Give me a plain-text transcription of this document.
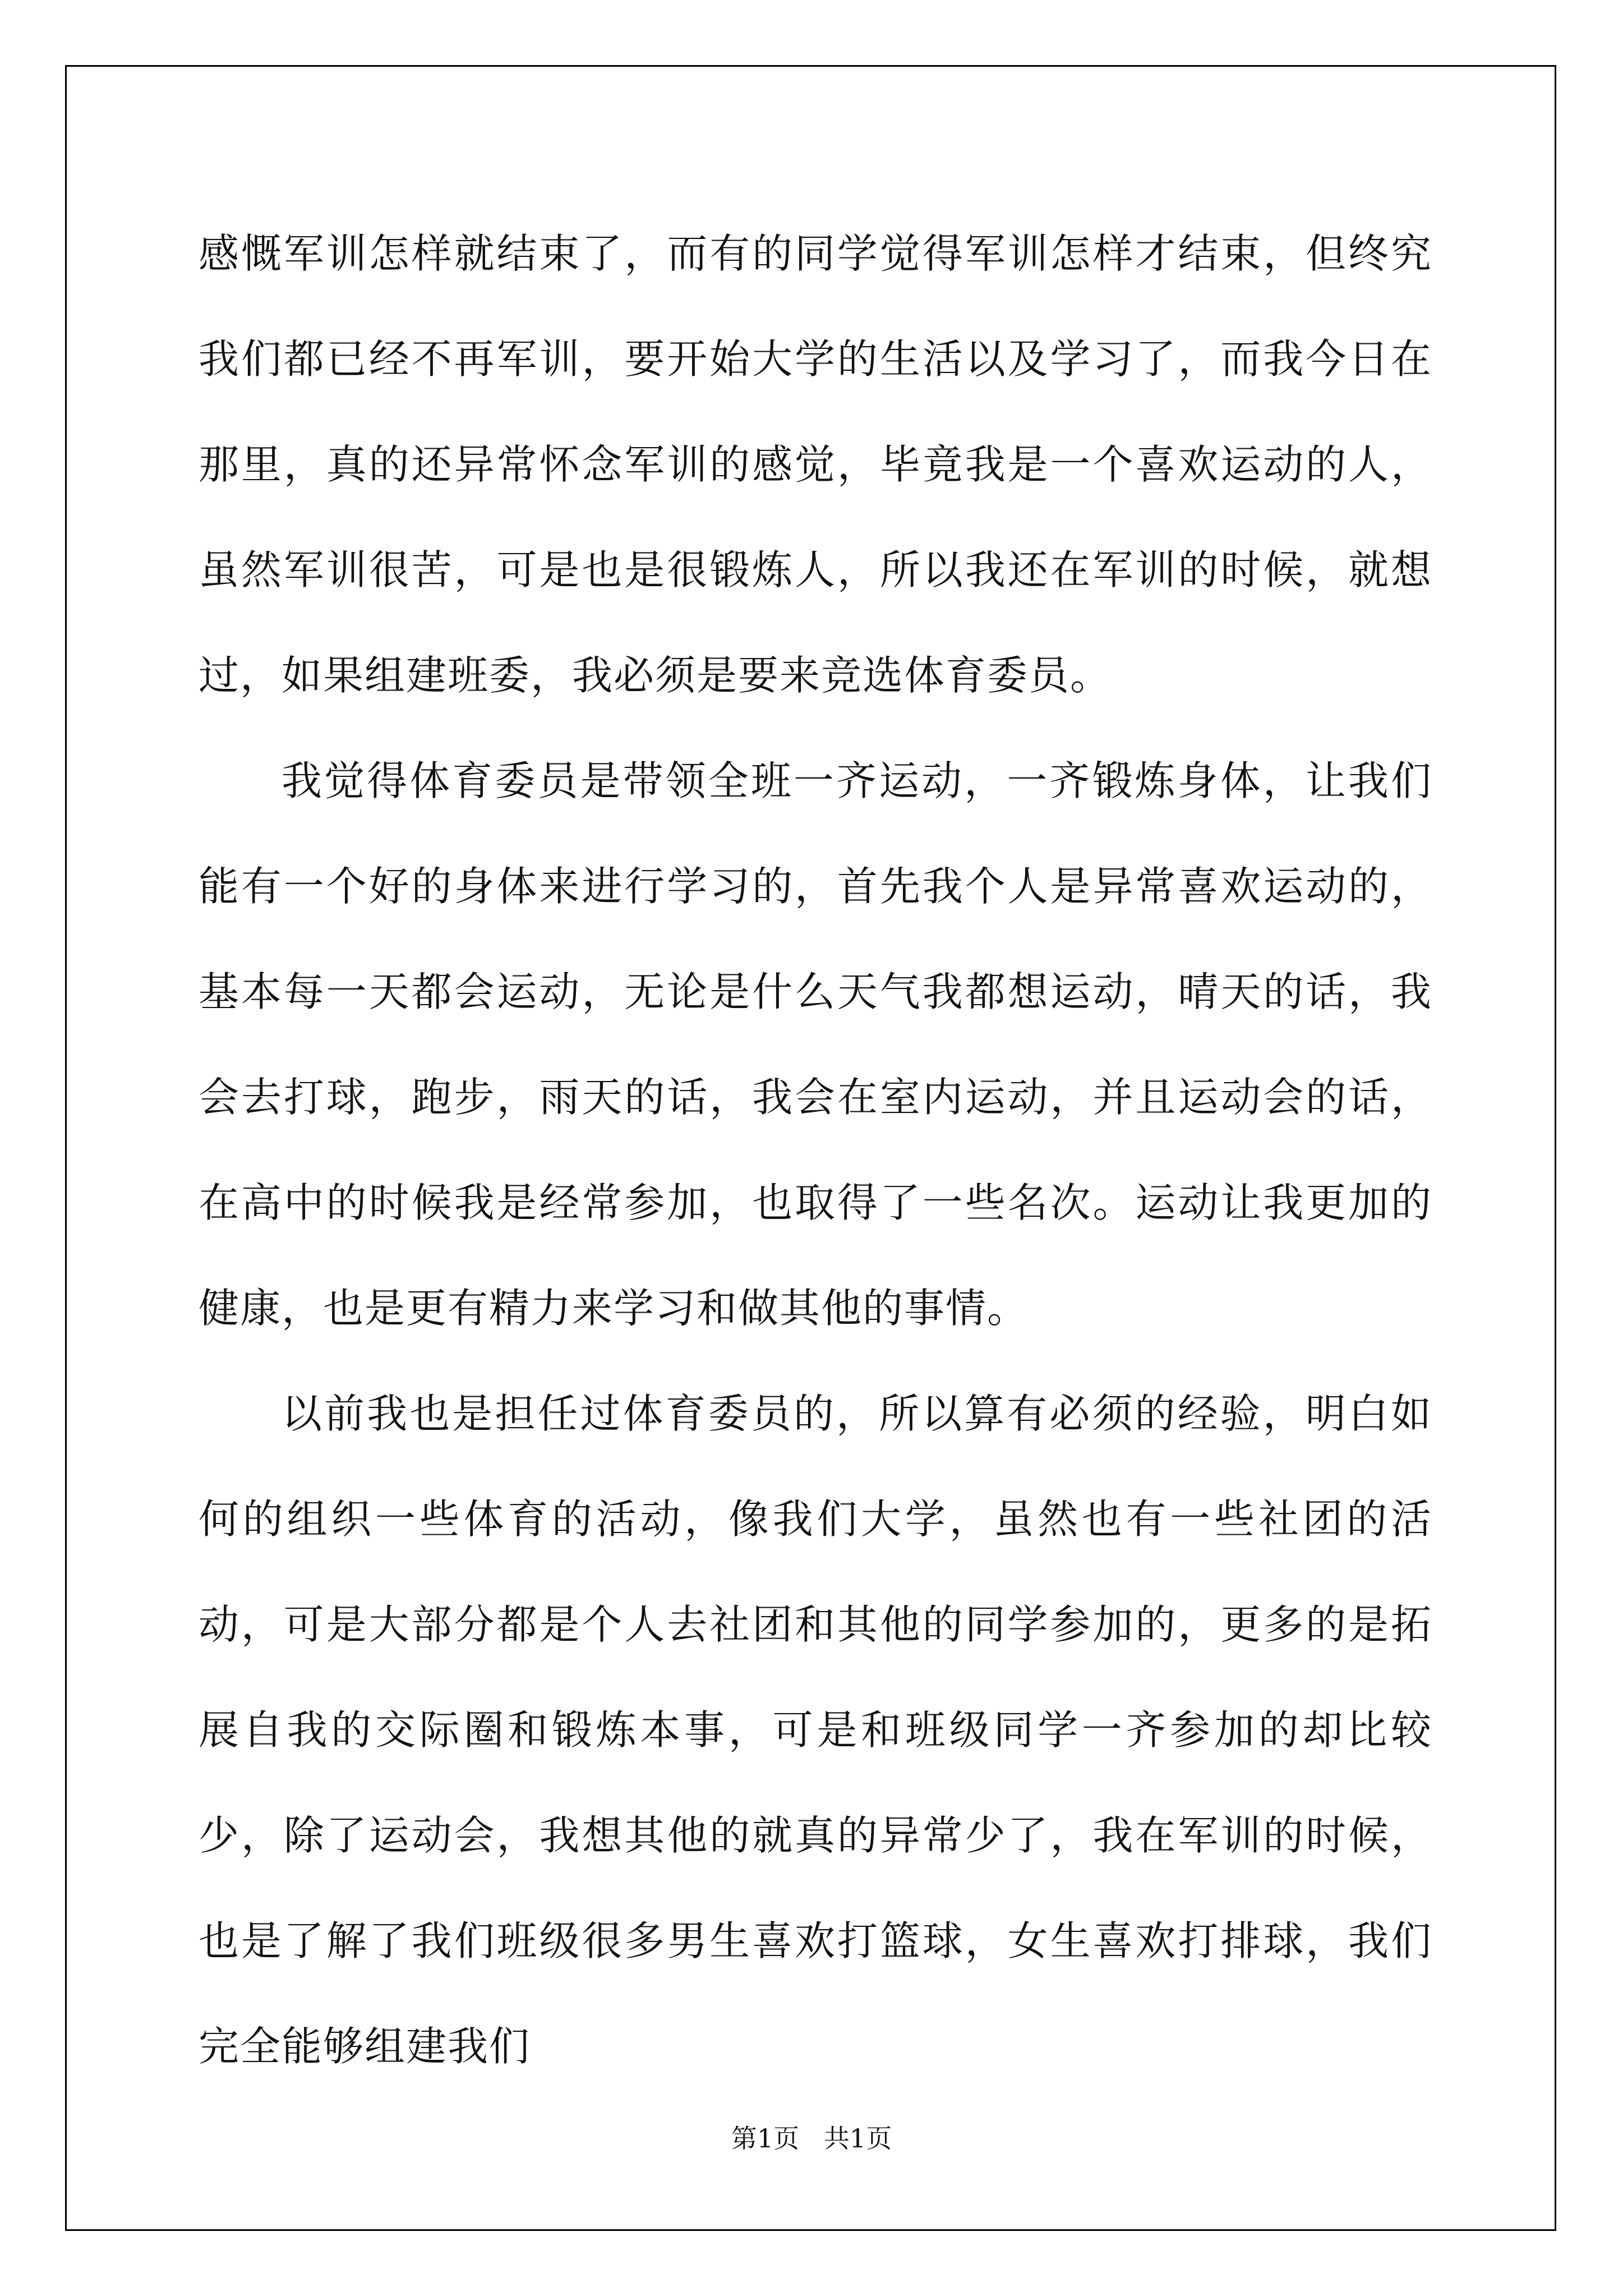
感慨军训怎样就结束了，而有的同学觉得军训怎样才结束，但终究我们都已经不再军训，要开始大学的生活以及学习了，而我今日在那里，真的还异常怀念军训的感觉，毕竟我是一个喜欢运动的人，虽然军训很苦，可是也是很锻炼人，所以我还在军训的时候，就想过，如果组建班委，我必须是要来竞选体育委员。

我觉得体育委员是带领全班一齐运动，一齐锻炼身体，让我们能有一个好的身体来进行学习的，首先我个人是异常喜欢运动的，基本每一天都会运动，无论是什么天气我都想运动，晴天的话，我会去打球，跑步，雨天的话，我会在室内运动，并且运动会的话，在高中的时候我是经常参加，也取得了一些名次。运动让我更加的健康，也是更有精力来学习和做其他的事情。

以前我也是担任过体育委员的，所以算有必须的经验，明白如何的组织一些体育的活动，像我们大学，虽然也有一些社团的活动，可是大部分都是个人去社团和其他的同学参加的，更多的是拓展自我的交际圈和锻炼本事，可是和班级同学一齐参加的却比较少，除了运动会，我想其他的就真的异常少了，我在军训的时候，也是了解了我们班级很多男生喜欢打篮球，女生喜欢打排球，我们完全能够组建我们

第1页   共1页
